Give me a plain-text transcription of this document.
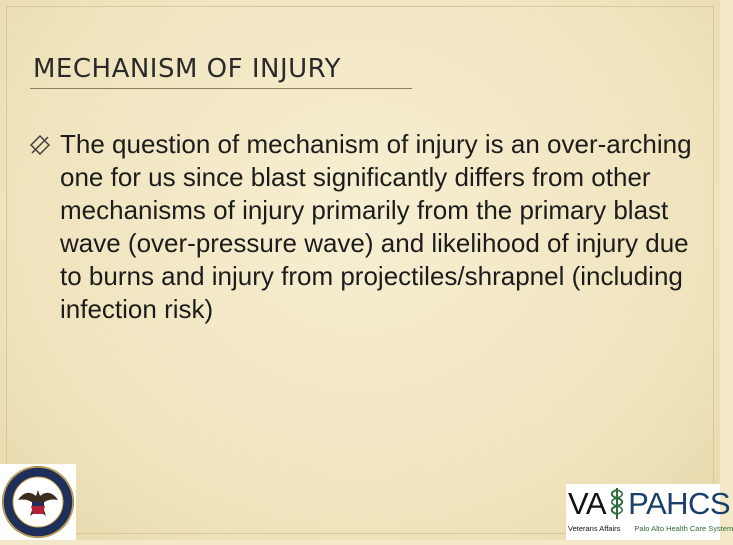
MECHANISM OF INJURY

The question of mechanism of injury is an over-arching one for us since blast significantly differs from other mechanisms of injury primarily from the primary blast wave (over-pressure wave) and likelihood of injury due to burns and injury from projectiles/shrapnel (including infection risk)

VA PAHCS
Veterans Affairs Palo Alto Health Care System
